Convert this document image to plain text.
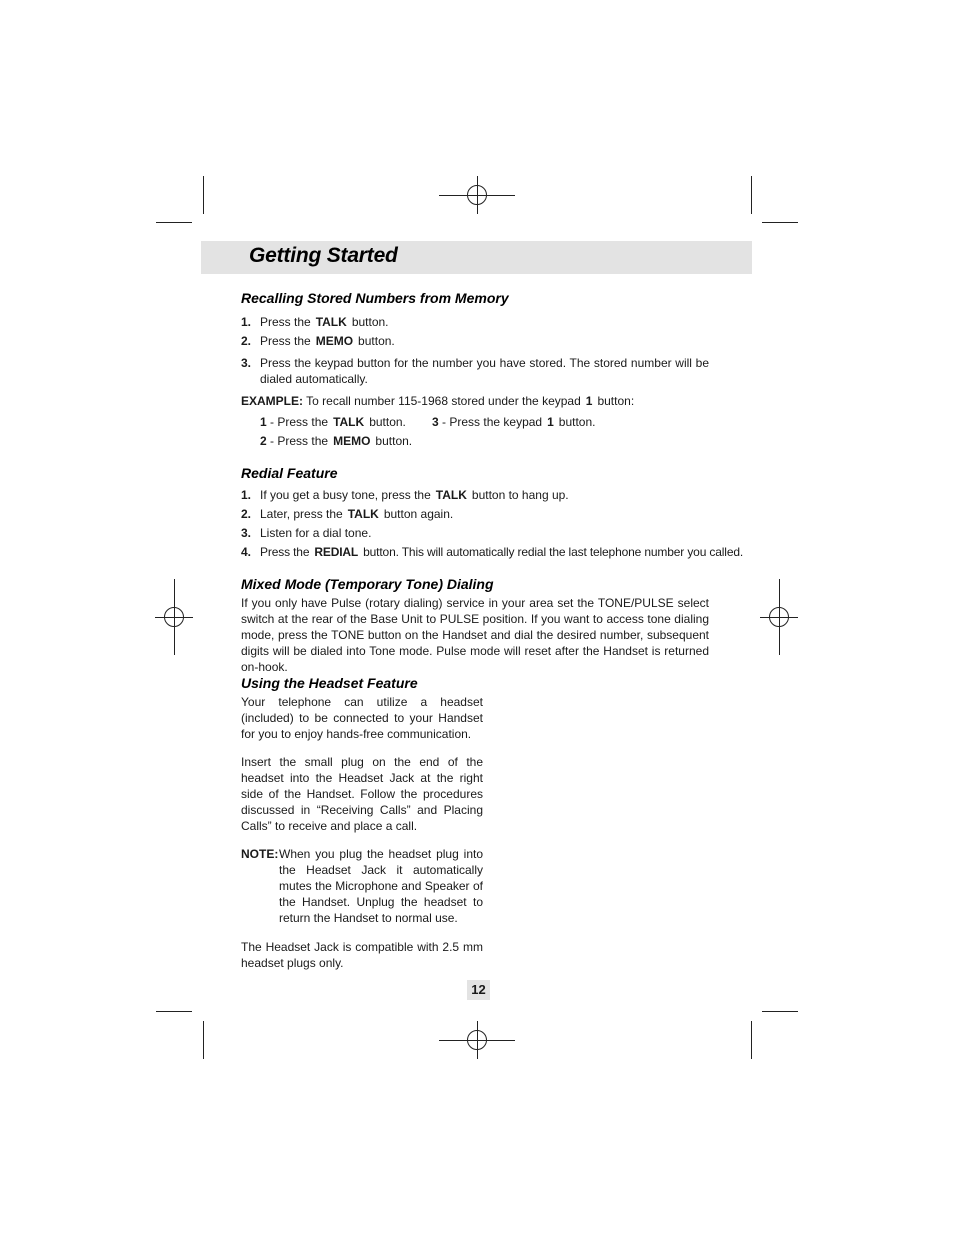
Getting Started
Recalling Stored Numbers from Memory
1. Press the TALK button.
2. Press the MEMO button.
3. Press the keypad button for the number you have stored. The stored number will be dialed automatically.
EXAMPLE: To recall number 115-1968 stored under the keypad 1 button:
1 - Press the TALK button. 3 - Press the keypad 1 button.
2 - Press the MEMO button.
Redial Feature
1. If you get a busy tone, press the TALK button to hang up.
2. Later, press the TALK button again.
3. Listen for a dial tone.
4. Press the REDIAL button. This will automatically redial the last telephone number you called.
Mixed Mode (Temporary Tone) Dialing
If you only have Pulse (rotary dialing) service in your area set the TONE/PULSE select switch at the rear of the Base Unit to PULSE position. If you want to access tone dialing mode, press the TONE button on the Handset and dial the desired number, subsequent digits will be dialed into Tone mode. Pulse mode will reset after the Handset is returned on-hook.
Using the Headset Feature
Your telephone can utilize a headset (included) to be connected to your Handset for you to enjoy hands-free communication.
Insert the small plug on the end of the headset into the Headset Jack at the right side of the Handset. Follow the procedures discussed in “Receiving Calls” and Placing Calls” to receive and place a call.
NOTE: When you plug the headset plug into the Headset Jack it automatically mutes the Microphone and Speaker of the Handset. Unplug the headset to return the Handset to normal use.
The Headset Jack is compatible with 2.5 mm headset plugs only.
12
